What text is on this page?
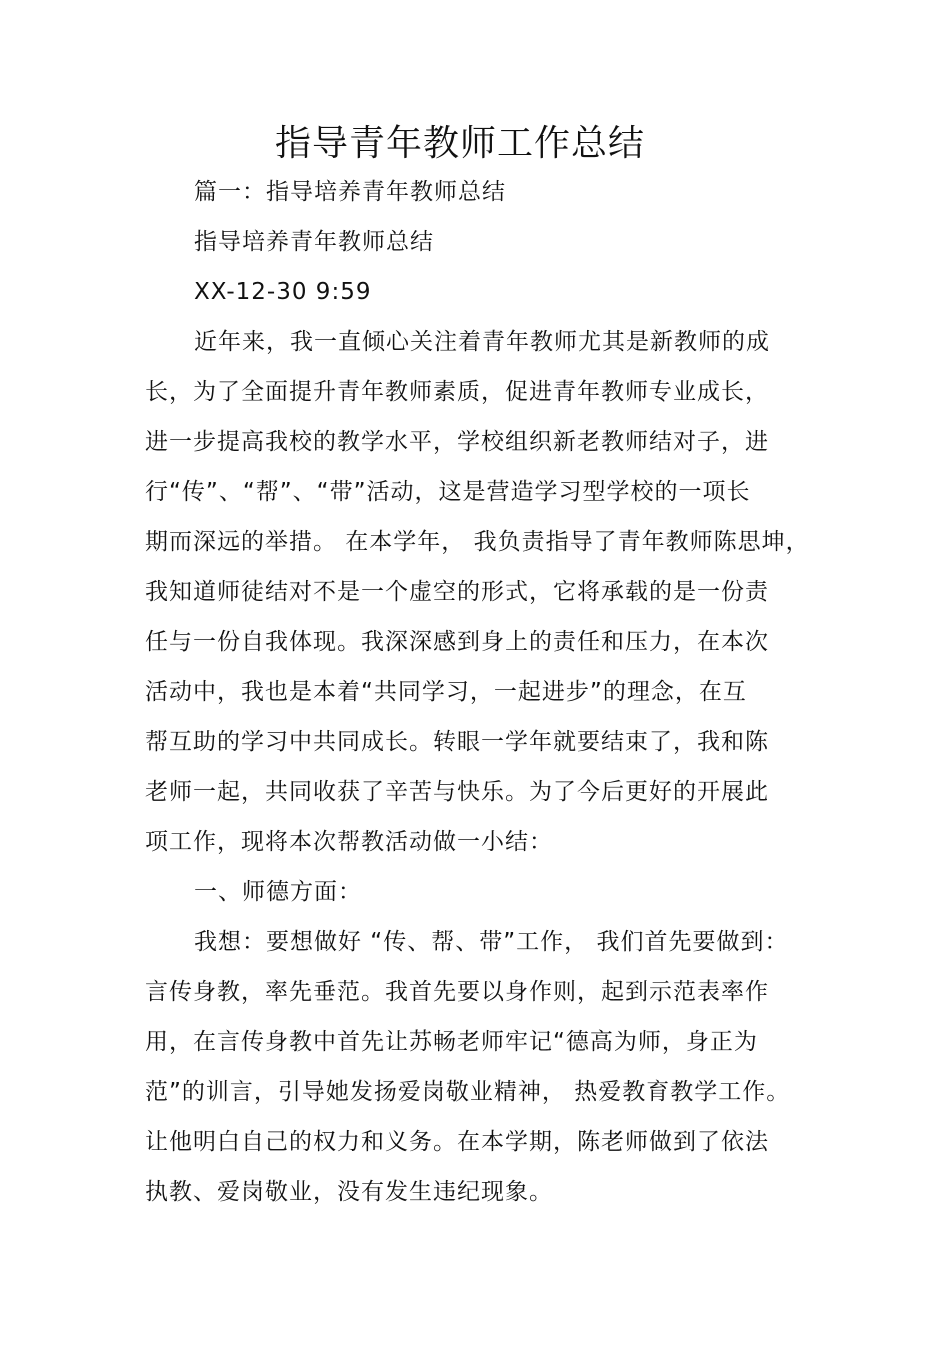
指导青年教师工作总结
篇一：指导培养青年教师总结
指导培养青年教师总结
XX-12-30 9:59
近年来，我一直倾心关注着青年教师尤其是新教师的成
长，为了全面提升青年教师素质，促进青年教师专业成长，
进一步提高我校的教学水平，学校组织新老教师结对子，进
行“传”、“帮”、“带”活动，这是营造学习型学校的一项长
期而深远的举措。 在本学年， 我负责指导了青年教师陈思坤，
我知道师徒结对不是一个虚空的形式，它将承载的是一份责
任与一份自我体现。我深深感到身上的责任和压力，在本次
活动中，我也是本着“共同学习，一起进步”的理念，在互
帮互助的学习中共同成长。转眼一学年就要结束了，我和陈
老师一起，共同收获了辛苦与快乐。为了今后更好的开展此
项工作，现将本次帮教活动做一小结：
一、师德方面：
我想：要想做好 “传、帮、带”工作， 我们首先要做到：
言传身教，率先垂范。我首先要以身作则，起到示范表率作
用，在言传身教中首先让苏畅老师牢记“德高为师，身正为
范”的训言，引导她发扬爱岗敬业精神， 热爱教育教学工作。
让他明白自己的权力和义务。在本学期，陈老师做到了依法
执教、爱岗敬业，没有发生违纪现象。
